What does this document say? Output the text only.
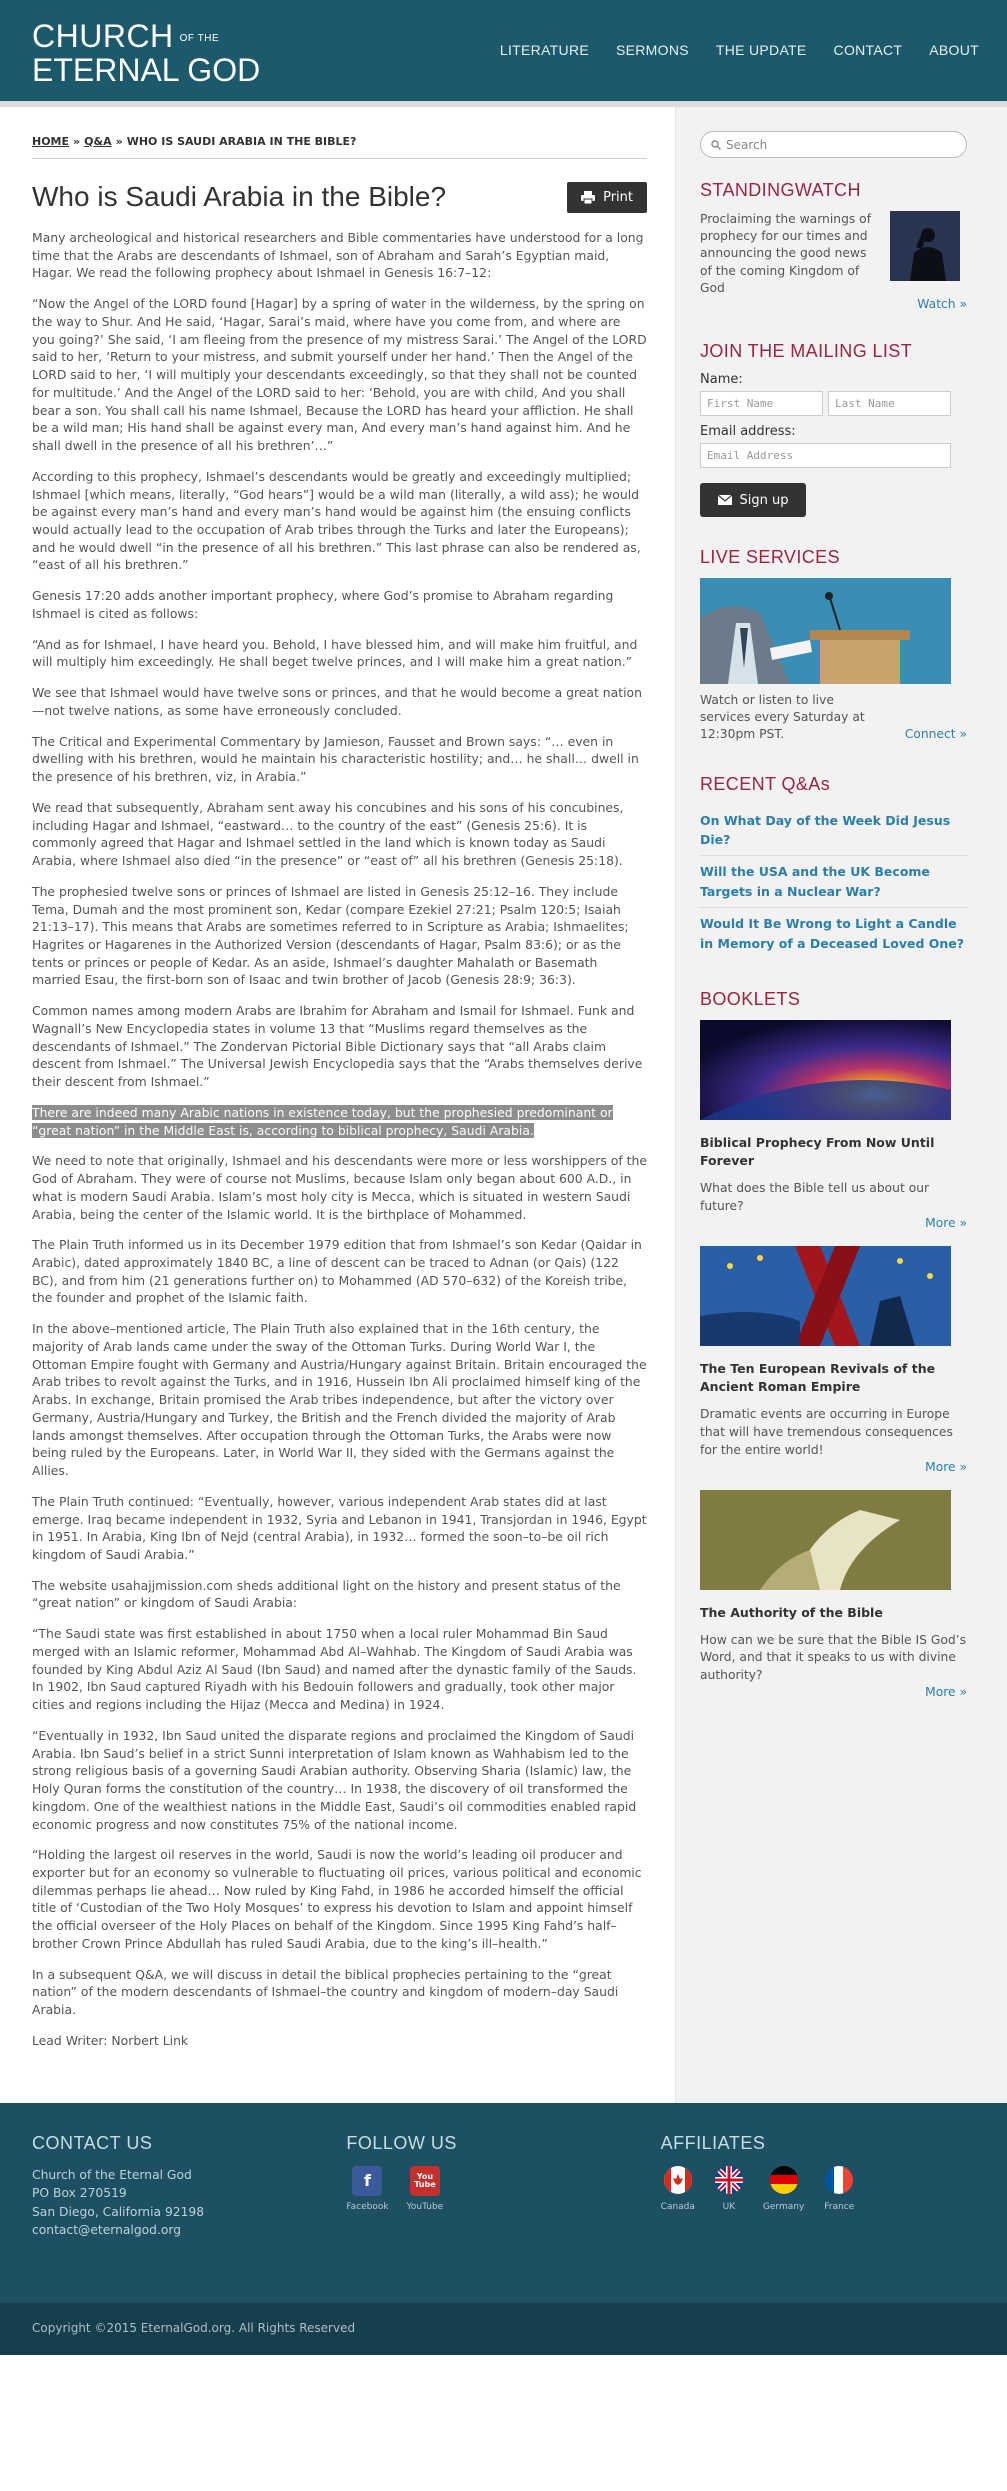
CHURCH OF THE
ETERNAL GOD
LITERATURE SERMONS THE UPDATE CONTACT ABOUT
HOME » Q&A » WHO IS SAUDI ARABIA IN THE BIBLE?
Who is Saudi Arabia in the Bible?	Print

Many archeological and historical researchers and Bible commentaries have understood for a long time that the Arabs are descendants of Ishmael, son of Abraham and Sarah’s Egyptian maid, Hagar. We read the following prophecy about Ishmael in Genesis 16:7–12:

“Now the Angel of the LORD found [Hagar] by a spring of water in the wilderness, by the spring on the way to Shur. And He said, ‘Hagar, Sarai’s maid, where have you come from, and where are you going?’ She said, ‘I am fleeing from the presence of my mistress Sarai.’ The Angel of the LORD said to her, ‘Return to your mistress, and submit yourself under her hand.’ Then the Angel of the LORD said to her, ‘I will multiply your descendants exceedingly, so that they shall not be counted for multitude.’ And the Angel of the LORD said to her: ‘Behold, you are with child, And you shall bear a son. You shall call his name Ishmael, Because the LORD has heard your affliction. He shall be a wild man; His hand shall be against every man, And every man’s hand against him. And he shall dwell in the presence of all his brethren’…”

According to this prophecy, Ishmael’s descendants would be greatly and exceedingly multiplied; Ishmael [which means, literally, “God hears”] would be a wild man (literally, a wild ass); he would be against every man’s hand and every man’s hand would be against him (the ensuing conflicts would actually lead to the occupation of Arab tribes through the Turks and later the Europeans); and he would dwell “in the presence of all his brethren.” This last phrase can also be rendered as, “east of all his brethren.”

Genesis 17:20 adds another important prophecy, where God’s promise to Abraham regarding Ishmael is cited as follows:

“And as for Ishmael, I have heard you. Behold, I have blessed him, and will make him fruitful, and will multiply him exceedingly. He shall beget twelve princes, and I will make him a great nation.”

We see that Ishmael would have twelve sons or princes, and that he would become a great nation—not twelve nations, as some have erroneously concluded.

The Critical and Experimental Commentary by Jamieson, Fausset and Brown says: “… even in dwelling with his brethren, would he maintain his characteristic hostility; and… he shall… dwell in the presence of his brethren, viz, in Arabia.”

We read that subsequently, Abraham sent away his concubines and his sons of his concubines, including Hagar and Ishmael, “eastward… to the country of the east” (Genesis 25:6). It is commonly agreed that Hagar and Ishmael settled in the land which is known today as Saudi Arabia, where Ishmael also died “in the presence” or “east of” all his brethren (Genesis 25:18).

The prophesied twelve sons or princes of Ishmael are listed in Genesis 25:12–16. They include Tema, Dumah and the most prominent son, Kedar (compare Ezekiel 27:21; Psalm 120:5; Isaiah 21:13–17). This means that Arabs are sometimes referred to in Scripture as Arabia; Ishmaelites; Hagrites or Hagarenes in the Authorized Version (descendants of Hagar, Psalm 83:6); or as the tents or princes or people of Kedar. As an aside, Ishmael’s daughter Mahalath or Basemath married Esau, the first-born son of Isaac and twin brother of Jacob (Genesis 28:9; 36:3).

Common names among modern Arabs are Ibrahim for Abraham and Ismail for Ishmael. Funk and Wagnall’s New Encyclopedia states in volume 13 that “Muslims regard themselves as the descendants of Ishmael.” The Zondervan Pictorial Bible Dictionary says that “all Arabs claim descent from Ishmael.” The Universal Jewish Encyclopedia says that the “Arabs themselves derive their descent from Ishmael.”

There are indeed many Arabic nations in existence today, but the prophesied predominant or “great nation” in the Middle East is, according to biblical prophecy, Saudi Arabia.

We need to note that originally, Ishmael and his descendants were more or less worshippers of the God of Abraham. They were of course not Muslims, because Islam only began about 600 A.D., in what is modern Saudi Arabia. Islam’s most holy city is Mecca, which is situated in western Saudi Arabia, being the center of the Islamic world. It is the birthplace of Mohammed.

The Plain Truth informed us in its December 1979 edition that from Ishmael’s son Kedar (Qaidar in Arabic), dated approximately 1840 BC, a line of descent can be traced to Adnan (or Qais) (122 BC), and from him (21 generations further on) to Mohammed (AD 570–632) of the Koreish tribe, the founder and prophet of the Islamic faith.

In the above–mentioned article, The Plain Truth also explained that in the 16th century, the majority of Arab lands came under the sway of the Ottoman Turks. During World War I, the Ottoman Empire fought with Germany and Austria/Hungary against Britain. Britain encouraged the Arab tribes to revolt against the Turks, and in 1916, Hussein Ibn Ali proclaimed himself king of the Arabs. In exchange, Britain promised the Arab tribes independence, but after the victory over Germany, Austria/Hungary and Turkey, the British and the French divided the majority of Arab lands amongst themselves. After occupation through the Ottoman Turks, the Arabs were now being ruled by the Europeans. Later, in World War II, they sided with the Germans against the Allies.

The Plain Truth continued: “Eventually, however, various independent Arab states did at last emerge. Iraq became independent in 1932, Syria and Lebanon in 1941, Transjordan in 1946, Egypt in 1951. In Arabia, King Ibn of Nejd (central Arabia), in 1932… formed the soon–to–be oil rich kingdom of Saudi Arabia.”

The website usahajjmission.com sheds additional light on the history and present status of the “great nation” or kingdom of Saudi Arabia:

“The Saudi state was first established in about 1750 when a local ruler Mohammad Bin Saud merged with an Islamic reformer, Mohammad Abd Al–Wahhab. The Kingdom of Saudi Arabia was founded by King Abdul Aziz Al Saud (Ibn Saud) and named after the dynastic family of the Sauds. In 1902, Ibn Saud captured Riyadh with his Bedouin followers and gradually, took other major cities and regions including the Hijaz (Mecca and Medina) in 1924.

“Eventually in 1932, Ibn Saud united the disparate regions and proclaimed the Kingdom of Saudi Arabia. Ibn Saud’s belief in a strict Sunni interpretation of Islam known as Wahhabism led to the strong religious basis of a governing Saudi Arabian authority. Observing Sharia (Islamic) law, the Holy Quran forms the constitution of the country… In 1938, the discovery of oil transformed the kingdom. One of the wealthiest nations in the Middle East, Saudi’s oil commodities enabled rapid economic progress and now constitutes 75% of the national income.

“Holding the largest oil reserves in the world, Saudi is now the world’s leading oil producer and exporter but for an economy so vulnerable to fluctuating oil prices, various political and economic dilemmas perhaps lie ahead… Now ruled by King Fahd, in 1986 he accorded himself the official title of ‘Custodian of the Two Holy Mosques’ to express his devotion to Islam and appoint himself the official overseer of the Holy Places on behalf of the Kingdom. Since 1995 King Fahd’s half–brother Crown Prince Abdullah has ruled Saudi Arabia, due to the king’s ill–health.”

In a subsequent Q&A, we will discuss in detail the biblical prophecies pertaining to the “great nation” of the modern descendants of Ishmael–the country and kingdom of modern–day Saudi Arabia.

Lead Writer: Norbert Link

Search
STANDINGWATCH

Proclaiming the warnings of prophecy for our times and announcing the good news of the coming Kingdom of God

Watch »
JOIN THE MAILING LIST
Name:
First Name	Last Name
Email address:
Email Address
Sign up
LIVE SERVICES
Watch or listen to live services every Saturday at 12:30pm PST.	Connect »
RECENT Q&As
On What Day of the Week Did Jesus Die?
Will the USA and the UK Become Targets in a Nuclear War?
Would It Be Wrong to Light a Candle in Memory of a Deceased Loved One?
BOOKLETS
Biblical Prophecy From Now Until Forever
What does the Bible tell us about our future?
More »
The Ten European Revivals of the Ancient Roman Empire
Dramatic events are occurring in Europe that will have tremendous consequences for the entire world!
More »
The Authority of the Bible
How can we be sure that the Bible IS God’s Word, and that it speaks to us with divine authority?
More »
CONTACT US

Church of the Eternal God

PO Box 270519

San Diego, California 92198

contact@eternalgod.org

FOLLOW US
f
Facebook
You Tube
YouTube
AFFILIATES
Canada	UK	Germany France
Copyright ©2015 EternalGod.org. All Rights Reserved
